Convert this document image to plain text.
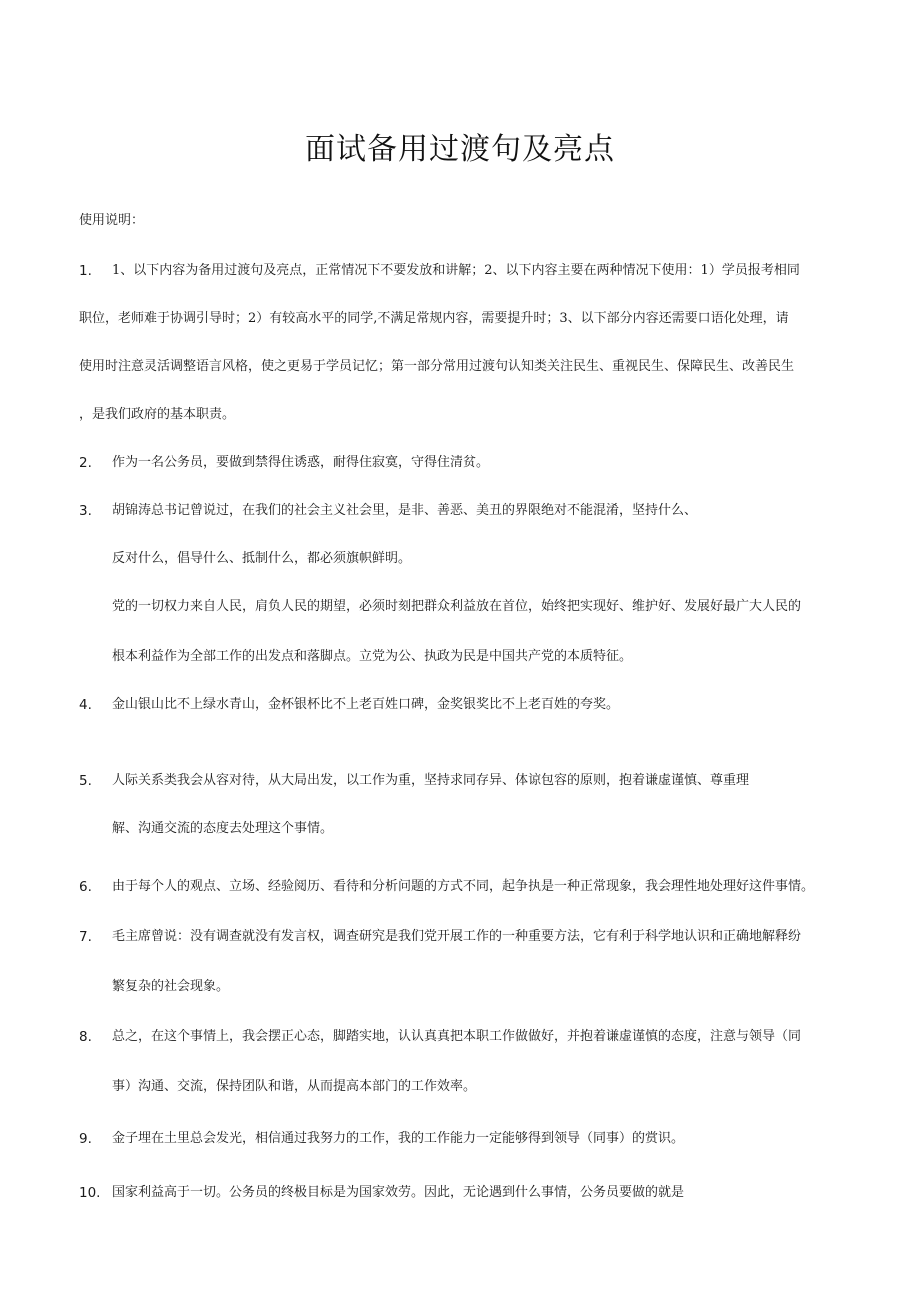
面试备用过渡句及亮点
使用说明：
1. 1、以下内容为备用过渡句及亮点，正常情况下不要发放和讲解；2、以下内容主要在两种情况下使用：1）学员报考相同
职位，老师难于协调引导时；2）有较高水平的同学,不满足常规内容，需要提升时；3、以下部分内容还需要口语化处理，请
使用时注意灵活调整语言风格，使之更易于学员记忆；第一部分常用过渡句认知类关注民生、重视民生、保障民生、改善民生
，是我们政府的基本职责。
2. 作为一名公务员，要做到禁得住诱惑，耐得住寂寞，守得住清贫。
3. 胡锦涛总书记曾说过，在我们的社会主义社会里，是非、善恶、美丑的界限绝对不能混淆，坚持什么、
反对什么，倡导什么、抵制什么，都必须旗帜鲜明。
党的一切权力来自人民，肩负人民的期望，必须时刻把群众利益放在首位，始终把实现好、维护好、发展好最广大人民的
根本利益作为全部工作的出发点和落脚点。立党为公、执政为民是中国共产党的本质特征。
4. 金山银山比不上绿水青山，金杯银杯比不上老百姓口碑，金奖银奖比不上老百姓的夸奖。
5. 人际关系类我会从容对待，从大局出发，以工作为重，坚持求同存异、体谅包容的原则，抱着谦虚谨慎、尊重理
解、沟通交流的态度去处理这个事情。
6. 由于每个人的观点、立场、经验阅历、看待和分析问题的方式不同，起争执是一种正常现象，我会理性地处理好这件事情。
7. 毛主席曾说：没有调查就没有发言权，调查研究是我们党开展工作的一种重要方法，它有利于科学地认识和正确地解释纷
繁复杂的社会现象。
8. 总之，在这个事情上，我会摆正心态，脚踏实地，认认真真把本职工作做做好，并抱着谦虚谨慎的态度，注意与领导（同
事）沟通、交流，保持团队和谐，从而提高本部门的工作效率。
9. 金子埋在土里总会发光，相信通过我努力的工作，我的工作能力一定能够得到领导（同事）的赏识。
10. 国家利益高于一切。公务员的终极目标是为国家效劳。因此，无论遇到什么事情，公务员要做的就是
